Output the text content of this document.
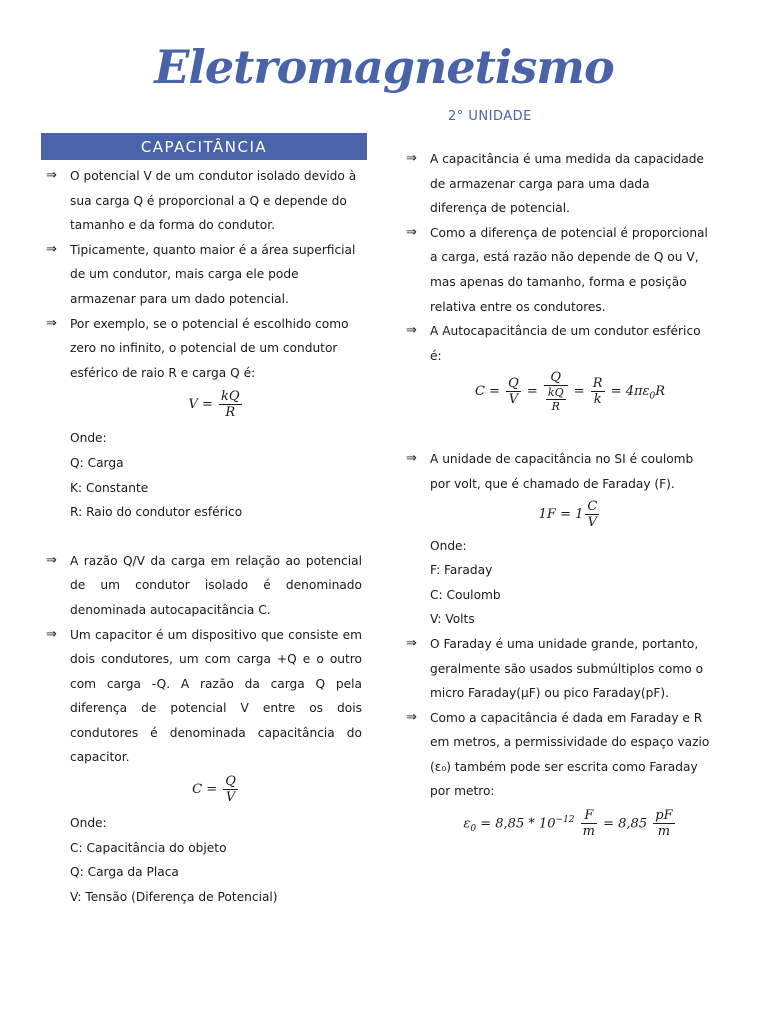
Eletromagnetismo
2° UNIDADE
CAPACITÂNCIA
⇒ O potencial V de um condutor isolado devido à sua carga Q é proporcional a Q e depende do tamanho e da forma do condutor.
⇒ Tipicamente, quanto maior é a área superficial de um condutor, mais carga ele pode armazenar para um dado potencial.
⇒ Por exemplo, se o potencial é escolhido como zero no infinito, o potencial de um condutor esférico de raio R e carga Q é:
$V = \frac{kQ}{R}$
Onde:
Q: Carga
K: Constante
R: Raio do condutor esférico
⇒ A razão Q/V da carga em relação ao potencial de um condutor isolado é denominado denominada autocapacitância C.
⇒ Um capacitor é um dispositivo que consiste em dois condutores, um com carga +Q e o outro com carga -Q. A razão da carga Q pela diferença de potencial V entre os dois condutores é denominada capacitância do capacitor.
$C = \frac{Q}{V}$
Onde:
C: Capacitância do objeto
Q: Carga da Placa
V: Tensão (Diferença de Potencial)
⇒ A capacitância é uma medida da capacidade de armazenar carga para uma dada diferença de potencial.
⇒ Como a diferença de potencial é proporcional a carga, está razão não depende de Q ou V, mas apenas do tamanho, forma e posição relativa entre os condutores.
⇒ A Autocapacitância de um condutor esférico é:
$C = \frac{Q}{V} = \frac{Q}{\frac{kQ}{R}} = \frac{R}{k} = 4\pi\varepsilon_0R$
⇒ A unidade de capacitância no SI é coulomb por volt, que é chamado de Faraday (F).
$1F = 1 \frac{C}{V}$
Onde:
F: Faraday
C: Coulomb
V: Volts
⇒ O Faraday é uma unidade grande, portanto, geralmente são usados submúltiplos como o micro Faraday(µF) ou pico Faraday(pF).
⇒ Como a capacitância é dada em Faraday e R em metros, a permissividade do espaço vazio (ε₀) também pode ser escrita como Faraday por metro:
$\varepsilon_0 = 8,85 * 10^{-12} \frac{F}{m} = 8,85 \frac{pF}{m}$
